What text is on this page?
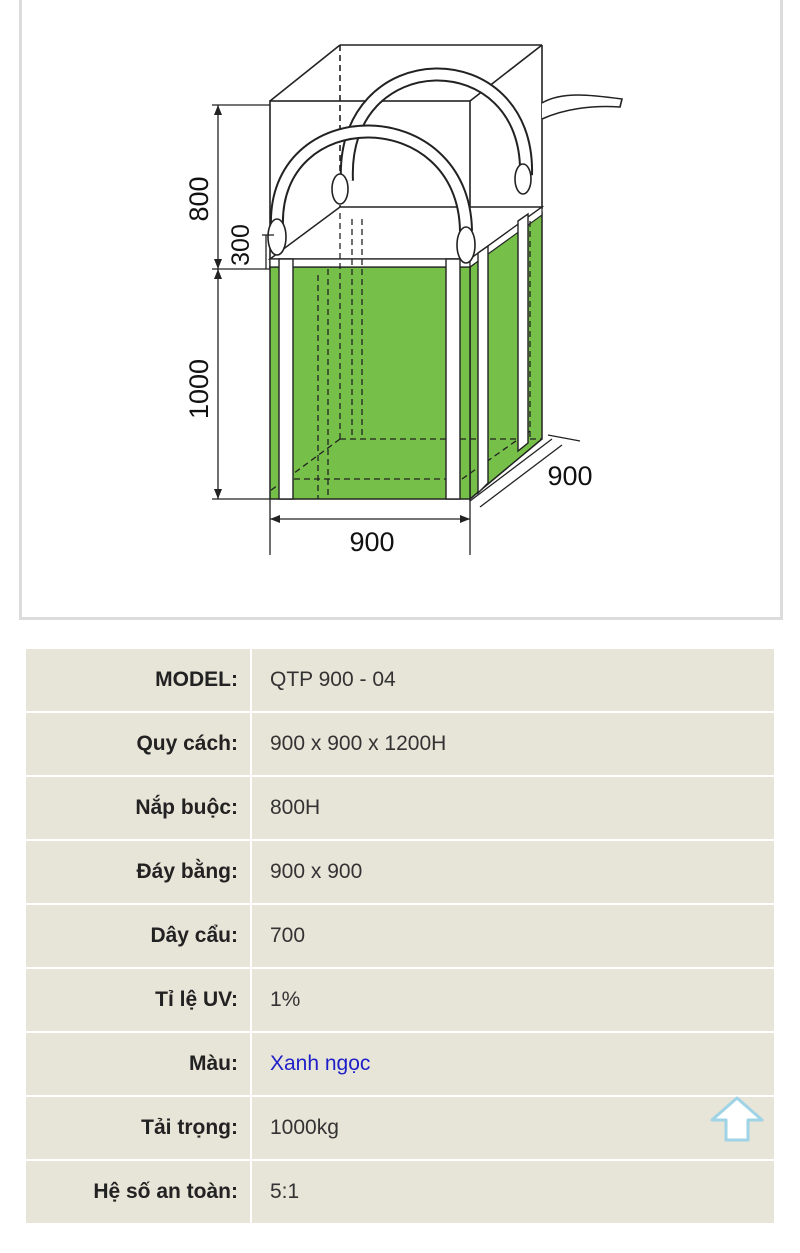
800
300
1000
900
900
MODEL:	QTP 900 - 04
Quy cách:	900 x 900 x 1200H
Nắp buộc:	800H
Đáy bằng:	900 x 900
Dây cẩu:	700
Tỉ lệ UV:	1%
Màu:	Xanh ngọc
Tải trọng:	1000kg
Hệ số an toàn:	5:1
